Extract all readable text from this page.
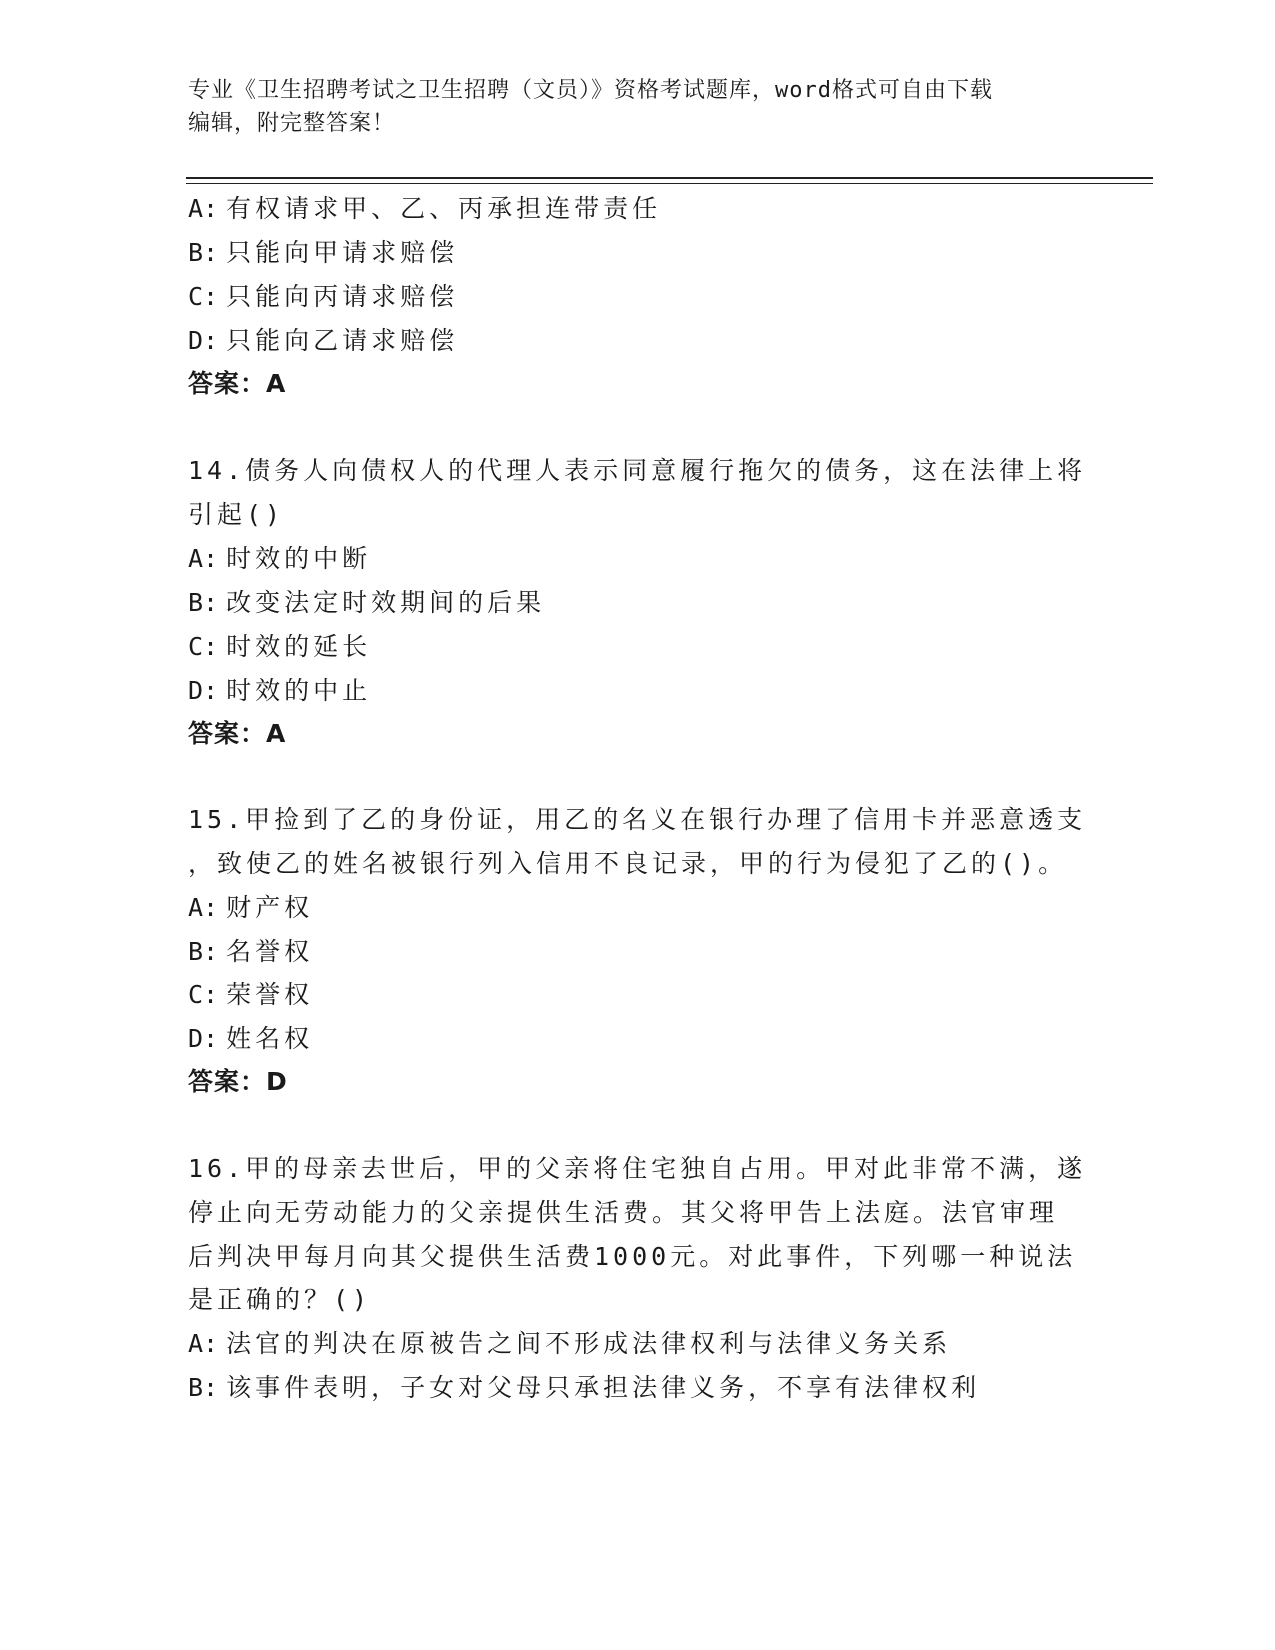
专业《卫生招聘考试之卫生招聘（文员）》资格考试题库，word格式可自由下载
编辑，附完整答案！
A: 有权请求甲、乙、丙承担连带责任
B: 只能向甲请求赔偿
C: 只能向丙请求赔偿
D: 只能向乙请求赔偿
答案：A
14.债务人向债权人的代理人表示同意履行拖欠的债务，这在法律上将
引起()
A: 时效的中断
B: 改变法定时效期间的后果
C: 时效的延长
D: 时效的中止
答案：A
15.甲捡到了乙的身份证，用乙的名义在银行办理了信用卡并恶意透支
，致使乙的姓名被银行列入信用不良记录，甲的行为侵犯了乙的()。
A: 财产权
B: 名誉权
C: 荣誉权
D: 姓名权
答案：D
16.甲的母亲去世后，甲的父亲将住宅独自占用。甲对此非常不满，遂
停止向无劳动能力的父亲提供生活费。其父将甲告上法庭。法官审理
后判决甲每月向其父提供生活费1000元。对此事件，下列哪一种说法
是正确的？()
A: 法官的判决在原被告之间不形成法律权利与法律义务关系
B: 该事件表明，子女对父母只承担法律义务，不享有法律权利
